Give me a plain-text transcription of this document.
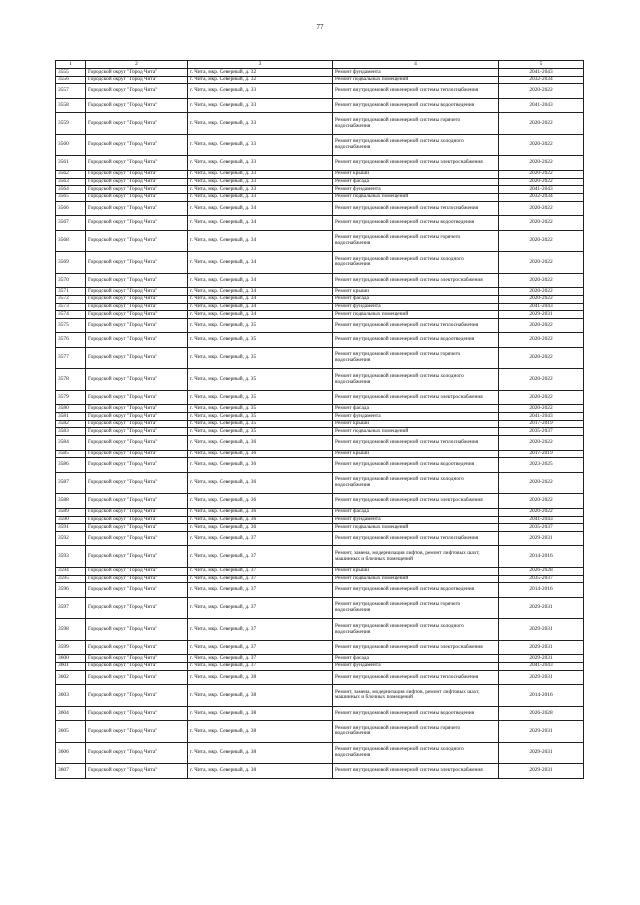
77
1	2	3	4	5
3555	Городской округ "Город Чита"	г. Чита, мкр. Северный, д. 32	Ремонт фундамента	2041-2043
3556	Городской округ "Город Чита"	г. Чита, мкр. Северный, д. 32	Ремонт подвальных помещений	2032-2034
3557	Городской округ "Город Чита"	г. Чита, мкр. Северный, д. 33	Ремонт внутридомовой инженерной системы теплоснабжения	2020-2022
3558	Городской округ "Город Чита"	г. Чита, мкр. Северный, д. 33	Ремонт внутридомовой инженерной системы водоотведения	2041-2043
3559	Городской округ "Город Чита"	г. Чита, мкр. Северный, д. 33	Ремонт внутридомовой инженерной системы горячего водоснабжения	2020-2022
3560	Городской округ "Город Чита"	г. Чита, мкр. Северный, д. 33	Ремонт внутридомовой инженерной системы холодного водоснабжения	2020-2022
3561	Городской округ "Город Чита"	г. Чита, мкр. Северный, д. 33	Ремонт внутридомовой инженерной системы электроснабжения	2020-2022
3562	Городской округ "Город Чита"	г. Чита, мкр. Северный, д. 33	Ремонт крыши	2020-2022
3563	Городской округ "Город Чита"	г. Чита, мкр. Северный, д. 33	Ремонт фасада	2020-2022
3564	Городской округ "Город Чита"	г. Чита, мкр. Северный, д. 33	Ремонт фундамента	2041-2043
3565	Городской округ "Город Чита"	г. Чита, мкр. Северный, д. 33	Ремонт подвальных помещений	2032-2034
3566	Городской округ "Город Чита"	г. Чита, мкр. Северный, д. 34	Ремонт внутридомовой инженерной системы теплоснабжения	2020-2022
3567	Городской округ "Город Чита"	г. Чита, мкр. Северный, д. 34	Ремонт внутридомовой инженерной системы водоотведения	2020-2022
3568	Городской округ "Город Чита"	г. Чита, мкр. Северный, д. 34	Ремонт внутридомовой инженерной системы горячего водоснабжения	2020-2022
3569	Городской округ "Город Чита"	г. Чита, мкр. Северный, д. 34	Ремонт внутридомовой инженерной системы холодного водоснабжения	2020-2022
3570	Городской округ "Город Чита"	г. Чита, мкр. Северный, д. 34	Ремонт внутридомовой инженерной системы электроснабжения	2020-2022
3571	Городской округ "Город Чита"	г. Чита, мкр. Северный, д. 34	Ремонт крыши	2020-2022
3572	Городской округ "Город Чита"	г. Чита, мкр. Северный, д. 34	Ремонт фасада	2020-2022
3573	Городской округ "Город Чита"	г. Чита, мкр. Северный, д. 34	Ремонт фундамента	2041-2043
3574	Городской округ "Город Чита"	г. Чита, мкр. Северный, д. 34	Ремонт подвальных помещений	2029-2031
3575	Городской округ "Город Чита"	г. Чита, мкр. Северный, д. 35	Ремонт внутридомовой инженерной системы теплоснабжения	2020-2022
3576	Городской округ "Город Чита"	г. Чита, мкр. Северный, д. 35	Ремонт внутридомовой инженерной системы водоотведения	2020-2022
3577	Городской округ "Город Чита"	г. Чита, мкр. Северный, д. 35	Ремонт внутридомовой инженерной системы горячего водоснабжения	2020-2022
3578	Городской округ "Город Чита"	г. Чита, мкр. Северный, д. 35	Ремонт внутридомовой инженерной системы холодного водоснабжения	2020-2022
3579	Городской округ "Город Чита"	г. Чита, мкр. Северный, д. 35	Ремонт внутридомовой инженерной системы электроснабжения	2020-2022
3580	Городской округ "Город Чита"	г. Чита, мкр. Северный, д. 35	Ремонт фасада	2020-2022
3581	Городской округ "Город Чита"	г. Чита, мкр. Северный, д. 35	Ремонт фундамента	2041-2043
3582	Городской округ "Город Чита"	г. Чита, мкр. Северный, д. 35	Ремонт крыши	2017-2019
3583	Городской округ "Город Чита"	г. Чита, мкр. Северный, д. 35	Ремонт подвальных помещений	2035-2037
3584	Городской округ "Город Чита"	г. Чита, мкр. Северный, д. 36	Ремонт внутридомовой инженерной системы теплоснабжения	2020-2022
3585	Городской округ "Город Чита"	г. Чита, мкр. Северный, д. 36	Ремонт крыши	2017-2019
3586	Городской округ "Город Чита"	г. Чита, мкр. Северный, д. 36	Ремонт внутридомовой инженерной системы водоотведения	2023-2025
3587	Городской округ "Город Чита"	г. Чита, мкр. Северный, д. 36	Ремонт внутридомовой инженерной системы холодного водоснабжения	2020-2022
3588	Городской округ "Город Чита"	г. Чита, мкр. Северный, д. 36	Ремонт внутридомовой инженерной системы электроснабжения	2020-2022
3589	Городской округ "Город Чита"	г. Чита, мкр. Северный, д. 36	Ремонт фасада	2020-2022
3590	Городской округ "Город Чита"	г. Чита, мкр. Северный, д. 36	Ремонт фундамента	2041-2043
3591	Городской округ "Город Чита"	г. Чита, мкр. Северный, д. 36	Ремонт подвальных помещений	2035-2037
3592	Городской округ "Город Чита"	г. Чита, мкр. Северный, д. 37	Ремонт внутридомовой инженерной системы теплоснабжения	2029-2031
3593	Городской округ "Город Чита"	г. Чита, мкр. Северный, д. 37	Ремонт, замена, модернизация лифтов, ремонт лифтовых шахт, машинных и блочных помещений	2014-2016
3594	Городской округ "Город Чита"	г. Чита, мкр. Северный, д. 37	Ремонт крыши	2026-2028
3595	Городской округ "Город Чита"	г. Чита, мкр. Северный, д. 37	Ремонт подвальных помещений	2035-2037
3596	Городской округ "Город Чита"	г. Чита, мкр. Северный, д. 37	Ремонт внутридомовой инженерной системы водоотведения	2014-2016
3597	Городской округ "Город Чита"	г. Чита, мкр. Северный, д. 37	Ремонт внутридомовой инженерной системы горячего водоснабжения	2029-2031
3598	Городской округ "Город Чита"	г. Чита, мкр. Северный, д. 37	Ремонт внутридомовой инженерной системы холодного водоснабжения	2029-2031
3599	Городской округ "Город Чита"	г. Чита, мкр. Северный, д. 37	Ремонт внутридомовой инженерной системы электроснабжения	2029-2031
3600	Городской округ "Город Чита"	г. Чита, мкр. Северный, д. 37	Ремонт фасада	2029-2031
3601	Городской округ "Город Чита"	г. Чита, мкр. Северный, д. 37	Ремонт фундамента	2041-2043
3602	Городской округ "Город Чита"	г. Чита, мкр. Северный, д. 38	Ремонт внутридомовой инженерной системы теплоснабжения	2029-2031
3603	Городской округ "Город Чита"	г. Чита, мкр. Северный, д. 38	Ремонт, замена, модернизация лифтов, ремонт лифтовых шахт, машинных и блочных помещений	2014-2016
3604	Городской округ "Город Чита"	г. Чита, мкр. Северный, д. 38	Ремонт внутридомовой инженерной системы водоотведения	2026-2028
3605	Городской округ "Город Чита"	г. Чита, мкр. Северный, д. 38	Ремонт внутридомовой инженерной системы горячего водоснабжения	2029-2031
3606	Городской округ "Город Чита"	г. Чита, мкр. Северный, д. 38	Ремонт внутридомовой инженерной системы холодного водоснабжения	2029-2031
3607	Городской округ "Город Чита"	г. Чита, мкр. Северный, д. 38	Ремонт внутридомовой инженерной системы электроснабжения	2029-2031
